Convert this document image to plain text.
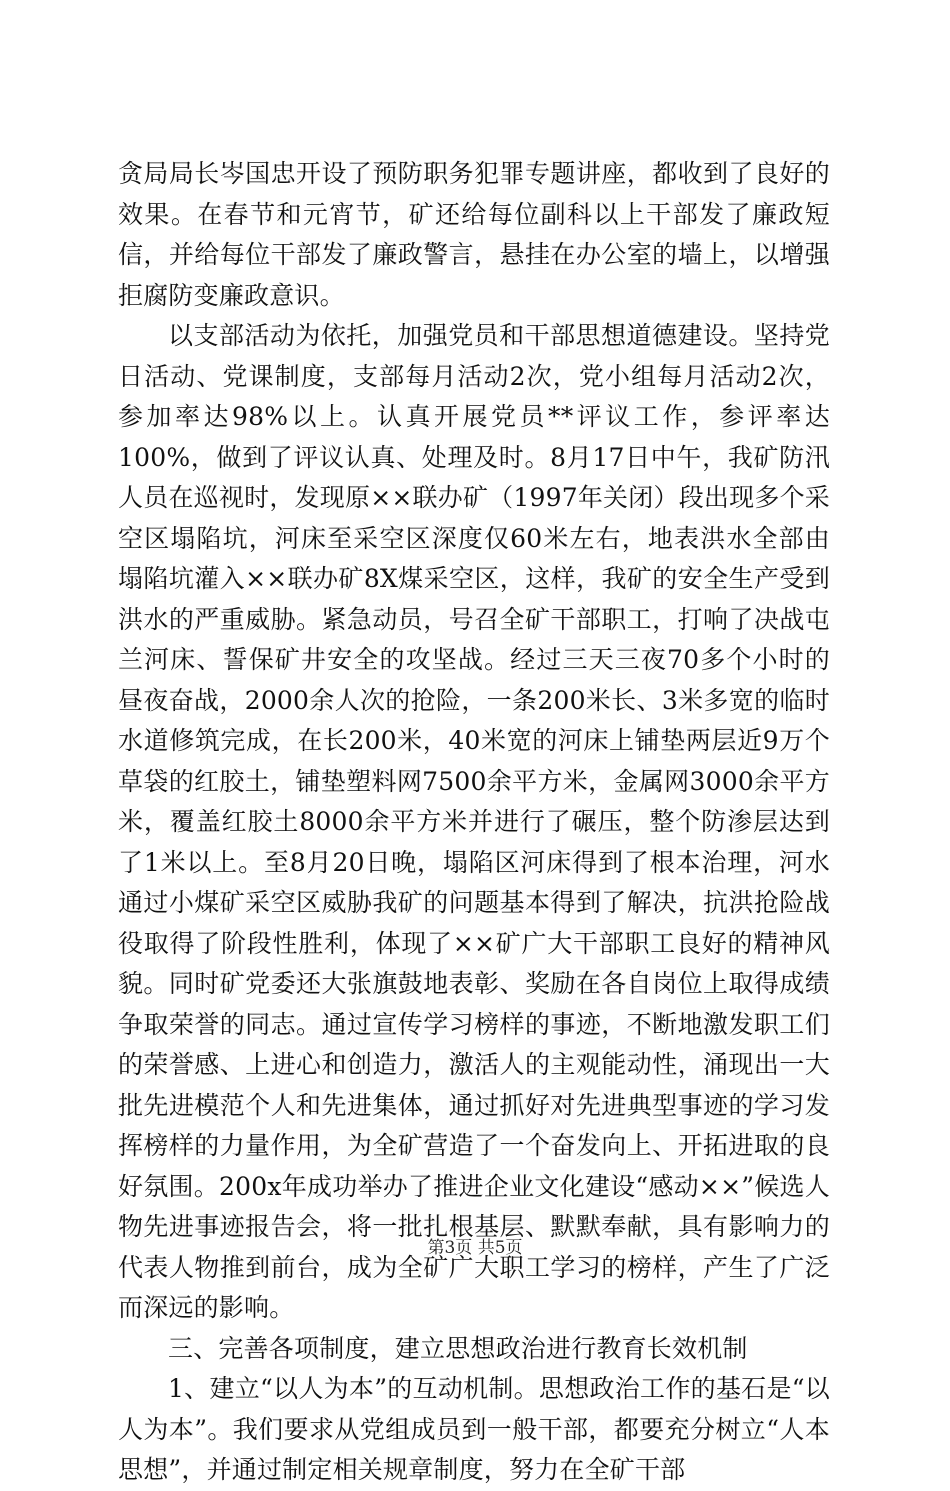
贪局局长岑国忠开设了预防职务犯罪专题讲座，都收到了良好的效果。在春节和元宵节，矿还给每位副科以上干部发了廉政短信，并给每位干部发了廉政警言，悬挂在办公室的墙上，以增强拒腐防变廉政意识。

以支部活动为依托，加强党员和干部思想道德建设。坚持党日活动、党课制度，支部每月活动2次，党小组每月活动2次，参加率达98%以上。认真开展党员**评议工作，参评率达100%，做到了评议认真、处理及时。8月17日中午，我矿防汛人员在巡视时，发现原××联办矿（1997年关闭）段出现多个采空区塌陷坑，河床至采空区深度仅60米左右，地表洪水全部由塌陷坑灌入××联办矿8X煤采空区，这样，我矿的安全生产受到洪水的严重威胁。紧急动员，号召全矿干部职工，打响了决战屯兰河床、誓保矿井安全的攻坚战。经过三天三夜70多个小时的昼夜奋战，2000余人次的抢险，一条200米长、3米多宽的临时水道修筑完成，在长200米，40米宽的河床上铺垫两层近9万个草袋的红胶土，铺垫塑料网7500余平方米，金属网3000余平方米，覆盖红胶土8000余平方米并进行了碾压，整个防渗层达到了1米以上。至8月20日晚，塌陷区河床得到了根本治理，河水通过小煤矿采空区威胁我矿的问题基本得到了解决，抗洪抢险战役取得了阶段性胜利，体现了××矿广大干部职工良好的精神风貌。同时矿党委还大张旗鼓地表彰、奖励在各自岗位上取得成绩争取荣誉的同志。通过宣传学习榜样的事迹，不断地激发职工们的荣誉感、上进心和创造力，激活人的主观能动性，涌现出一大批先进模范个人和先进集体，通过抓好对先进典型事迹的学习发挥榜样的力量作用，为全矿营造了一个奋发向上、开拓进取的良好氛围。200x年成功举办了推进企业文化建设“感动××”候选人物先进事迹报告会，将一批扎根基层、默默奉献，具有影响力的代表人物推到前台，成为全矿广大职工学习的榜样，产生了广泛而深远的影响。

三、完善各项制度，建立思想政治进行教育长效机制

1、建立“以人为本”的互动机制。思想政治工作的基石是“以人为本”。我们要求从党组成员到一般干部，都要充分树立“人本思想”，并通过制定相关规章制度，努力在全矿干部

第3页 共5页
